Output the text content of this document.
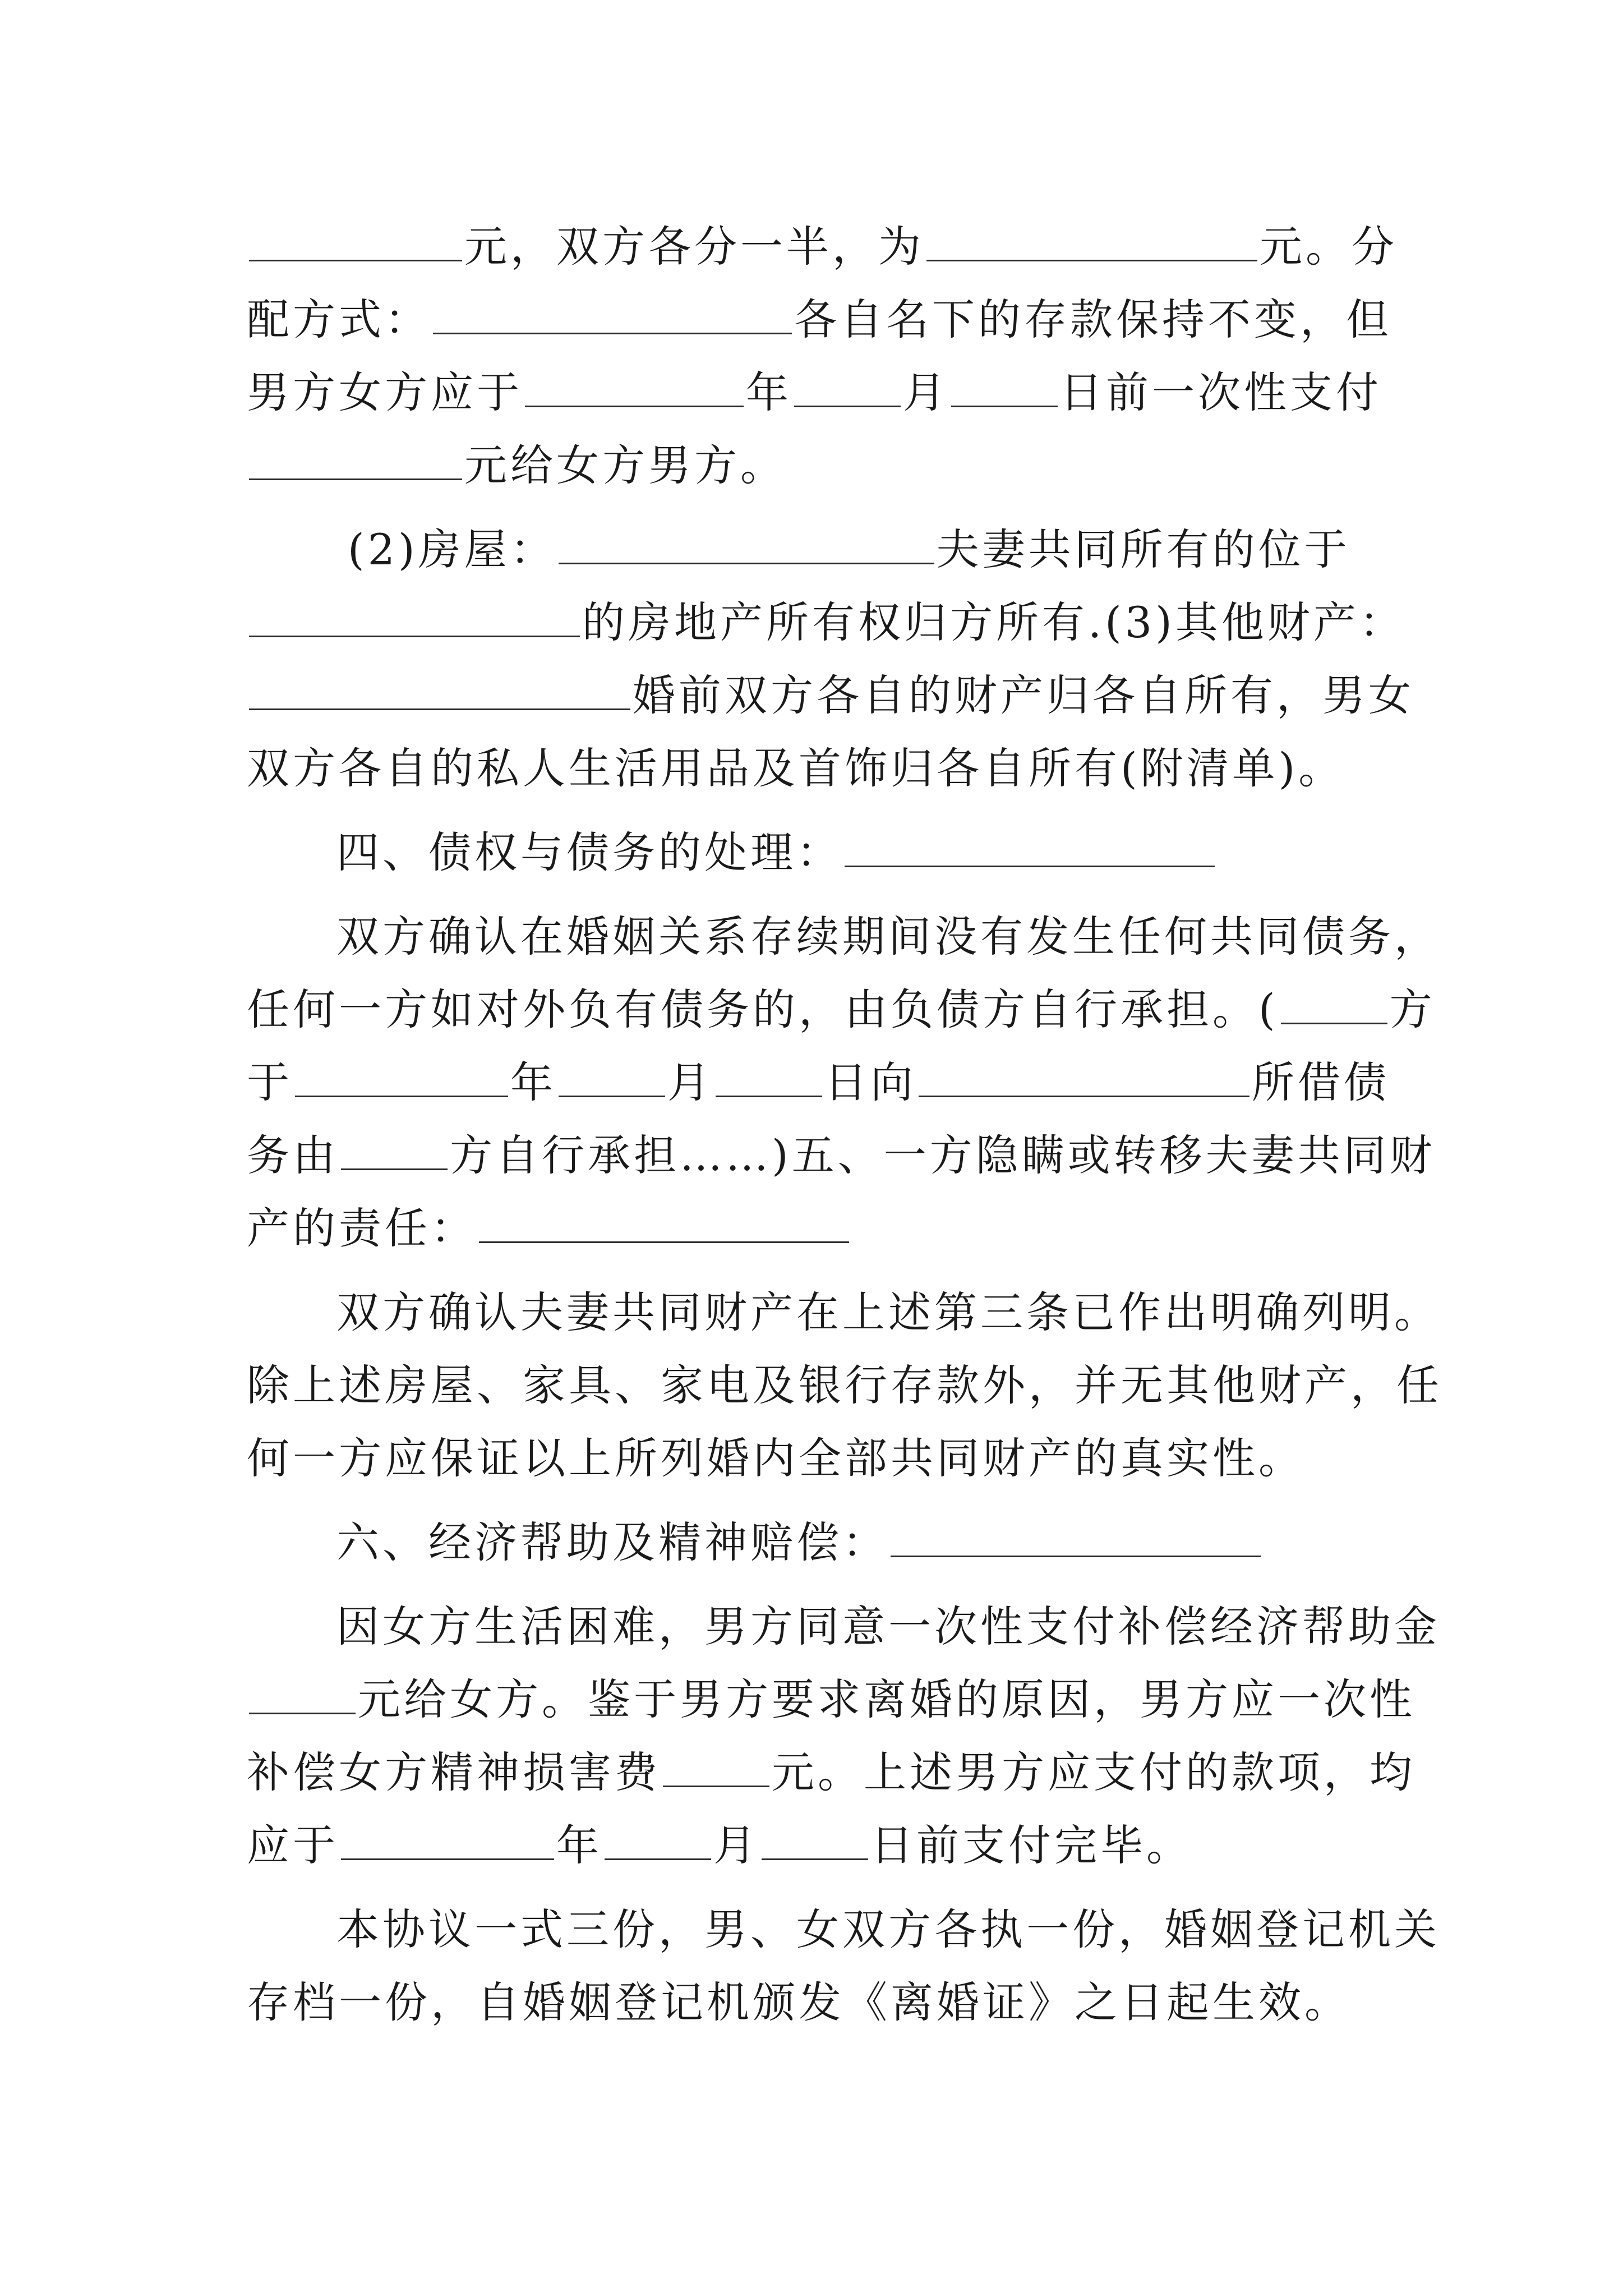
元，双方各分一半，为	元。分
配方式：	各自名下的存款保持不变，但
男方女方应于	年	月	日前一次性支付
元给女方男方。
(2)房屋：	夫妻共同所有的位于
的房地产所有权归方所有.(3)其他财产：
婚前双方各自的财产归各自所有，男女
双方各自的私人生活用品及首饰归各自所有(附清单)。
四、债权与债务的处理：
双方确认在婚姻关系存续期间没有发生任何共同债务，
任何一方如对外负有债务的，由负债方自行承担。(	方
于	年	月	日向	所借债
务由	方自行承担……)五、一方隐瞒或转移夫妻共同财
产的责任：
双方确认夫妻共同财产在上述第三条已作出明确列明。
除上述房屋、家具、家电及银行存款外，并无其他财产，任
何一方应保证以上所列婚内全部共同财产的真实性。
六、经济帮助及精神赔偿：
因女方生活困难，男方同意一次性支付补偿经济帮助金
元给女方。鉴于男方要求离婚的原因，男方应一次性
补偿女方精神损害费	元。上述男方应支付的款项，均
应于	年	月	日前支付完毕。
本协议一式三份，男、女双方各执一份，婚姻登记机关
存档一份，自婚姻登记机颁发《离婚证》之日起生效。
